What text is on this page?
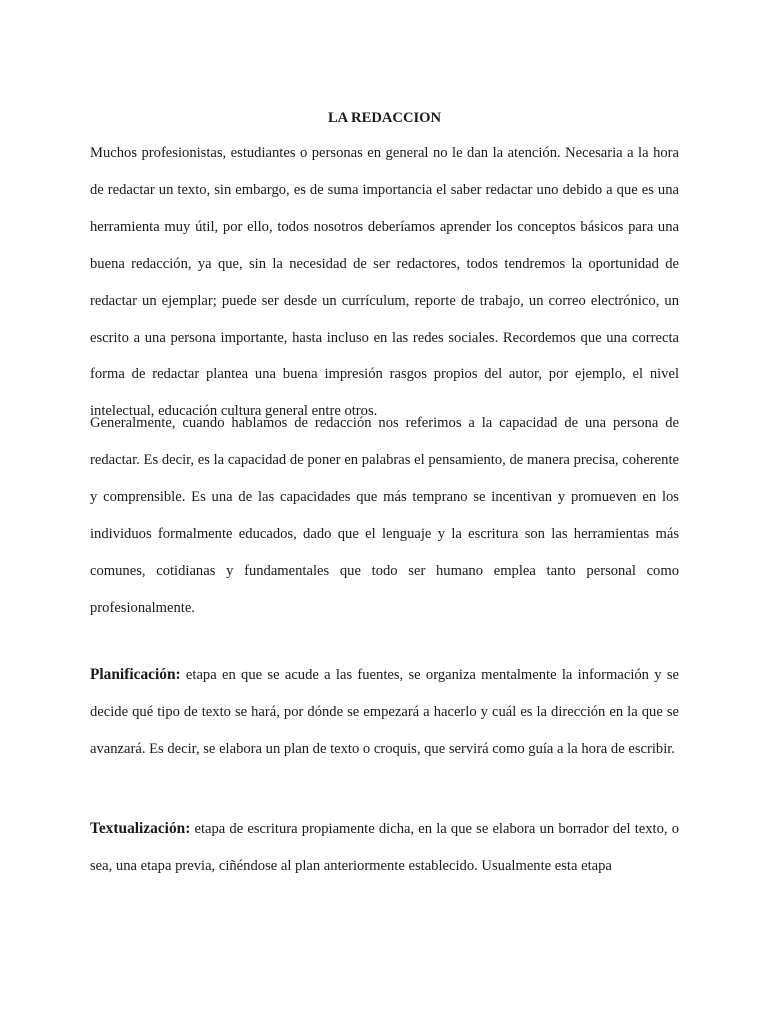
LA REDACCION

Muchos profesionistas, estudiantes o personas en general no le dan la atención. Necesaria a la hora de redactar un texto, sin embargo, es de suma importancia el saber redactar uno debido a que es una herramienta muy útil, por ello, todos nosotros deberíamos aprender los conceptos básicos para una buena redacción, ya que, sin la necesidad de ser redactores, todos tendremos la oportunidad de redactar un ejemplar; puede ser desde un currículum, reporte de trabajo, un correo electrónico, un escrito a una persona importante, hasta incluso en las redes sociales. Recordemos que una correcta forma de redactar plantea una buena impresión rasgos propios del autor, por ejemplo, el nivel intelectual, educación cultura general entre otros.

Generalmente, cuando hablamos de redacción nos referimos a la capacidad de una persona de redactar. Es decir, es la capacidad de poner en palabras el pensamiento, de manera precisa, coherente y comprensible. Es una de las capacidades que más temprano se incentivan y promueven en los individuos formalmente educados, dado que el lenguaje y la escritura son las herramientas más comunes, cotidianas y fundamentales que todo ser humano emplea tanto personal como profesionalmente.

Planificación: etapa en que se acude a las fuentes, se organiza mentalmente la información y se decide qué tipo de texto se hará, por dónde se empezará a hacerlo y cuál es la dirección en la que se avanzará. Es decir, se elabora un plan de texto o croquis, que servirá como guía a la hora de escribir.

Textualización: etapa de escritura propiamente dicha, en la que se elabora un borrador del texto, o sea, una etapa previa, ciñéndose al plan anteriormente establecido. Usualmente esta etapa
